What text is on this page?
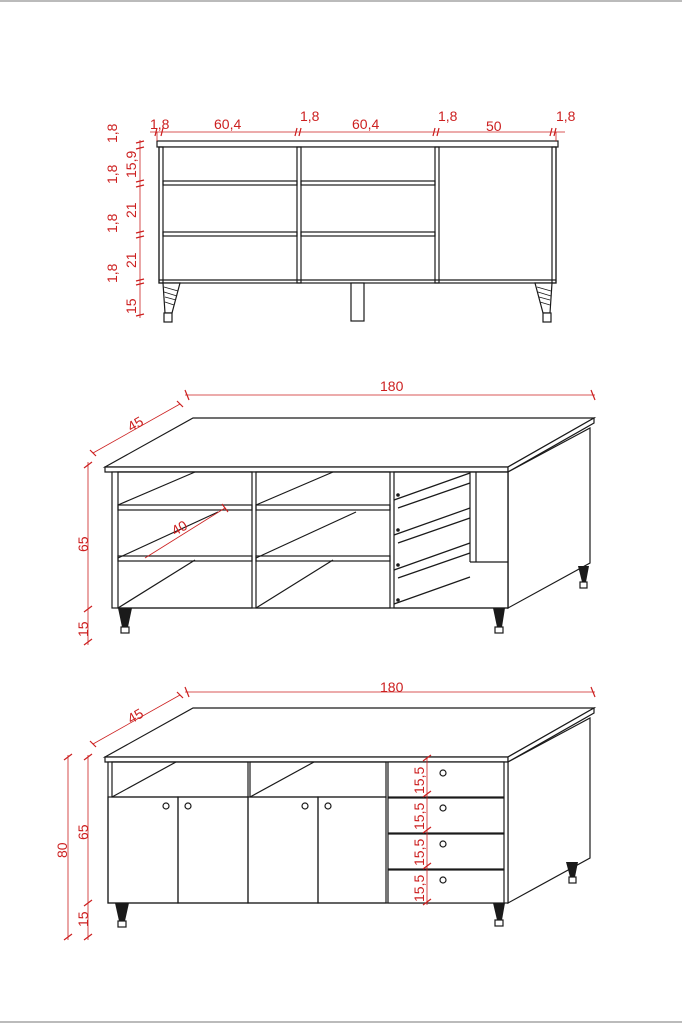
1,8	60,4	1,8 60,4	1,8
50
1,8
1,8
1,8 15,9
1,8
21
1,8
21
15
180
45
65
15
40
180
45
80
65
15
15,5
15,5
15,5
15,5
